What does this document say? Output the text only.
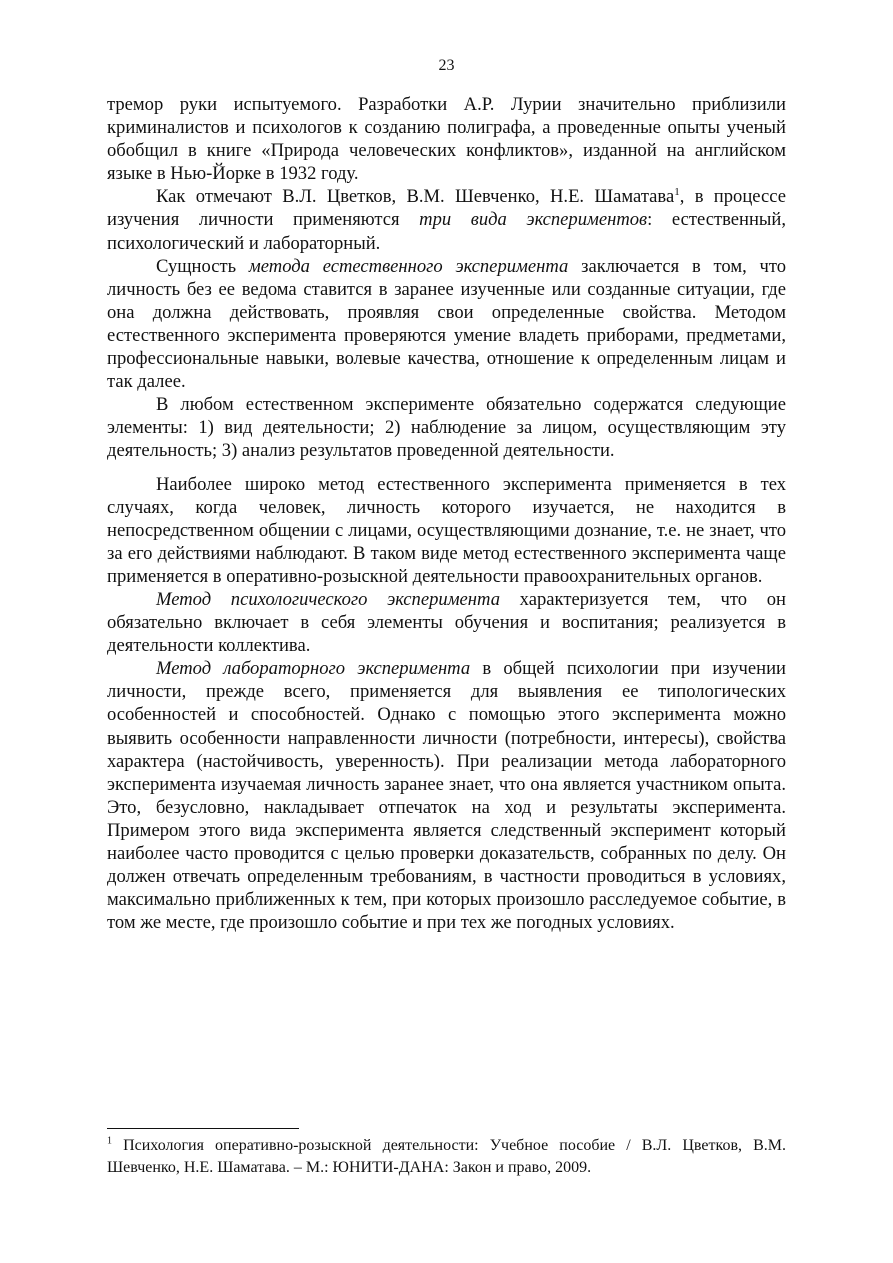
23

тремор руки испытуемого. Разработки А.Р. Лурии значительно приблизили криминалистов и психологов к созданию полиграфа, а проведенные опыты ученый обобщил в книге «Природа человеческих конфликтов», изданной на английском языке в Нью-Йорке в 1932 году.

Как отмечают В.Л. Цветков, В.М. Шевченко, Н.Е. Шаматава$^1$, в процессе изучения личности применяются три вида экспериментов: естественный, психологический и лабораторный.

Сущность метода естественного эксперимента заключается в том, что личность без ее ведома ставится в заранее изученные или созданные ситуации, где она должна действовать, проявляя свои определенные свойства. Методом естественного эксперимента проверяются умение владеть приборами, предметами, профессиональные навыки, волевые качества, отношение к определенным лицам и так далее.

В любом естественном эксперименте обязательно содержатся следующие элементы: 1) вид деятельности; 2) наблюдение за лицом, осуществляющим эту деятельность; 3) анализ результатов проведенной деятельности.

Наиболее широко метод естественного эксперимента применяется в тех случаях, когда человек, личность которого изучается, не находится в непосредственном общении с лицами, осуществляющими дознание, т.е. не знает, что за его действиями наблюдают. В таком виде метод естественного эксперимента чаще применяется в оперативно-розыскной деятельности правоохранительных органов.

Метод психологического эксперимента характеризуется тем, что он обязательно включает в себя элементы обучения и воспитания; реализуется в деятельности коллектива.

Метод лабораторного эксперимента в общей психологии при изучении личности, прежде всего, применяется для выявления ее типологических особенностей и способностей. Однако с помощью этого эксперимента можно выявить особенности направленности личности (потребности, интересы), свойства характера (настойчивость, уверенность). При реализации метода лабораторного эксперимента изучаемая личность заранее знает, что она является участником опыта. Это, безусловно, накладывает отпечаток на ход и результаты эксперимента. Примером этого вида эксперимента является следственный эксперимент который наиболее часто проводится с целью проверки доказательств, собранных по делу. Он должен отвечать определенным требованиям, в частности проводиться в условиях, максимально приближенных к тем, при которых произошло расследуемое событие, в том же месте, где произошло событие и при тех же погодных условиях.

$^1$ Психология оперативно-розыскной деятельности: Учебное пособие / В.Л. Цветков, В.М. Шевченко, Н.Е. Шаматава. – М.: ЮНИТИ-ДАНА: Закон и право, 2009.
